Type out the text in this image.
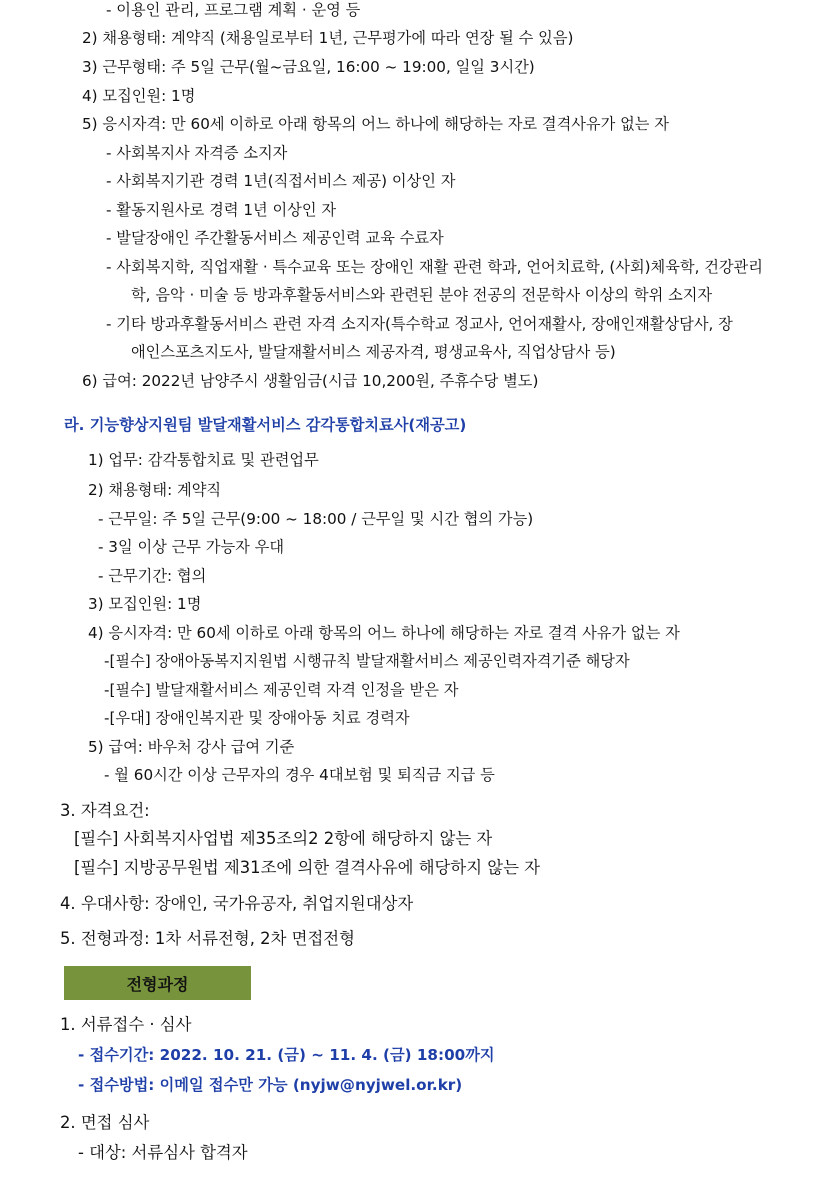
- 이용인 관리, 프로그램 계획 · 운영 등
2) 채용형태: 계약직 (채용일로부터 1년, 근무평가에 따라 연장 될 수 있음)
3) 근무형태: 주 5일 근무(월~금요일, 16:00 ~ 19:00, 일일 3시간)
4) 모집인원: 1명
5) 응시자격: 만 60세 이하로 아래 항목의 어느 하나에 해당하는 자로 결격사유가 없는 자
- 사회복지사 자격증 소지자
- 사회복지기관 경력 1년(직접서비스 제공) 이상인 자
- 활동지원사로 경력 1년 이상인 자
- 발달장애인 주간활동서비스 제공인력 교육 수료자
- 사회복지학, 직업재활 · 특수교육 또는 장애인 재활 관련 학과, 언어치료학, (사회)체육학, 건강관리
학, 음악 · 미술 등 방과후활동서비스와 관련된 분야 전공의 전문학사 이상의 학위 소지자
- 기타 방과후활동서비스 관련 자격 소지자(특수학교 정교사, 언어재활사, 장애인재활상담사, 장
애인스포츠지도사, 발달재활서비스 제공자격, 평생교육사, 직업상담사 등)
6) 급여: 2022년 남양주시 생활임금(시급 10,200원, 주휴수당 별도)
라. 기능향상지원팀 발달재활서비스 감각통합치료사(재공고)
1) 업무: 감각통합치료 및 관련업무
2) 채용형태: 계약직
- 근무일: 주 5일 근무(9:00 ~ 18:00 / 근무일 및 시간 협의 가능)
- 3일 이상 근무 가능자 우대
- 근무기간: 협의
3) 모집인원: 1명
4) 응시자격: 만 60세 이하로 아래 항목의 어느 하나에 해당하는 자로 결격 사유가 없는 자
-[필수] 장애아동복지지원법 시행규칙 발달재활서비스 제공인력자격기준 해당자
-[필수] 발달재활서비스 제공인력 자격 인정을 받은 자
-[우대] 장애인복지관 및 장애아동 치료 경력자
5) 급여: 바우처 강사 급여 기준
- 월 60시간 이상 근무자의 경우 4대보험 및 퇴직금 지급 등
3. 자격요건:
[필수] 사회복지사업법 제35조의2 2항에 해당하지 않는 자
[필수] 지방공무원법 제31조에 의한 결격사유에 해당하지 않는 자
4. 우대사항: 장애인, 국가유공자, 취업지원대상자
5. 전형과정: 1차 서류전형, 2차 면접전형
1. 서류접수 · 심사
- 접수기간: 2022. 10. 21. (금) ~ 11. 4. (금) 18:00까지
- 접수방법: 이메일 접수만 가능 (nyjw@nyjwel.or.kr)
2. 면접 심사
- 대상: 서류심사 합격자
전형과정
